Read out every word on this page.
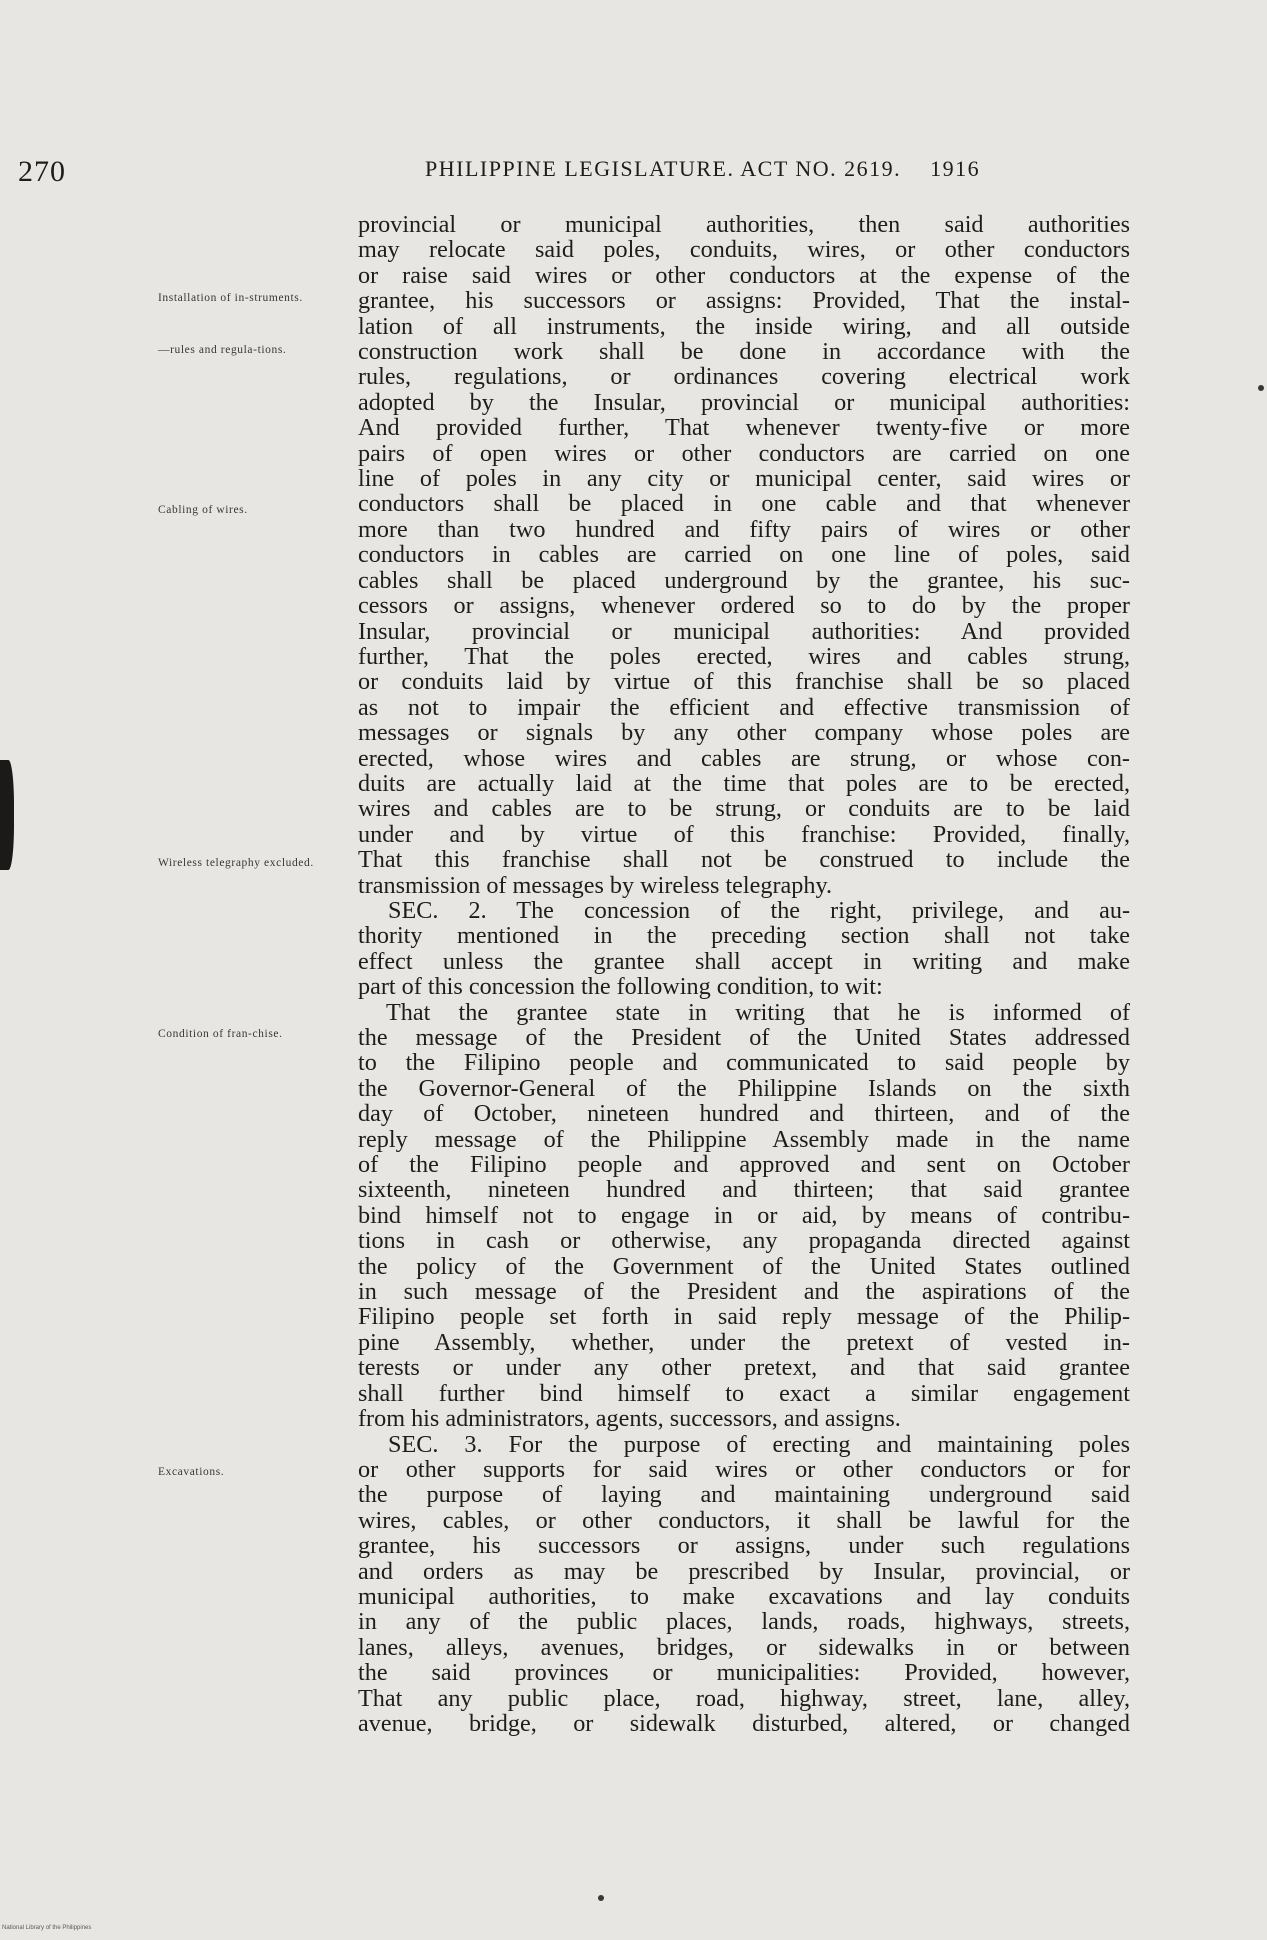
270	PHILIPPINE LEGISLATURE. ACT NO. 2619. 1916
Installation of in-struments.
—rules and regula-tions.
Cabling of wires.
Wireless telegraphy excluded.
Condition of fran-chise.
Excavations.
provincial or municipal authorities, then said authorities
may relocate said poles, conduits, wires, or other conductors
or raise said wires or other conductors at the expense of the
grantee, his successors or assigns: Provided, That the instal-
lation of all instruments, the inside wiring, and all outside
construction work shall be done in accordance with the
rules, regulations, or ordinances covering electrical work
adopted by the Insular, provincial or municipal authorities:
And provided further, That whenever twenty-five or more
pairs of open wires or other conductors are carried on one
line of poles in any city or municipal center, said wires or
conductors shall be placed in one cable and that whenever
more than two hundred and fifty pairs of wires or other
conductors in cables are carried on one line of poles, said
cables shall be placed underground by the grantee, his suc-
cessors or assigns, whenever ordered so to do by the proper
Insular, provincial or municipal authorities: And provided
further, That the poles erected, wires and cables strung,
or conduits laid by virtue of this franchise shall be so placed
as not to impair the efficient and effective transmission of
messages or signals by any other company whose poles are
erected, whose wires and cables are strung, or whose con-
duits are actually laid at the time that poles are to be erected,
wires and cables are to be strung, or conduits are to be laid
under and by virtue of this franchise: Provided, finally,
That this franchise shall not be construed to include the
transmission of messages by wireless telegraphy.
SEC. 2. The concession of the right, privilege, and au-
thority mentioned in the preceding section shall not take
effect unless the grantee shall accept in writing and make
part of this concession the following condition, to wit:
That the grantee state in writing that he is informed of
the message of the President of the United States addressed
to the Filipino people and communicated to said people by
the Governor-General of the Philippine Islands on the sixth
day of October, nineteen hundred and thirteen, and of the
reply message of the Philippine Assembly made in the name
of the Filipino people and approved and sent on October
sixteenth, nineteen hundred and thirteen; that said grantee
bind himself not to engage in or aid, by means of contribu-
tions in cash or otherwise, any propaganda directed against
the policy of the Government of the United States outlined
in such message of the President and the aspirations of the
Filipino people set forth in said reply message of the Philip-
pine Assembly, whether, under the pretext of vested in-
terests or under any other pretext, and that said grantee
shall further bind himself to exact a similar engagement
from his administrators, agents, successors, and assigns.
SEC. 3. For the purpose of erecting and maintaining poles
or other supports for said wires or other conductors or for
the purpose of laying and maintaining underground said
wires, cables, or other conductors, it shall be lawful for the
grantee, his successors or assigns, under such regulations
and orders as may be prescribed by Insular, provincial, or
municipal authorities, to make excavations and lay conduits
in any of the public places, lands, roads, highways, streets,
lanes, alleys, avenues, bridges, or sidewalks in or between
the said provinces or municipalities: Provided, however,
That any public place, road, highway, street, lane, alley,
avenue, bridge, or sidewalk disturbed, altered, or changed
National Library of the Philippines
